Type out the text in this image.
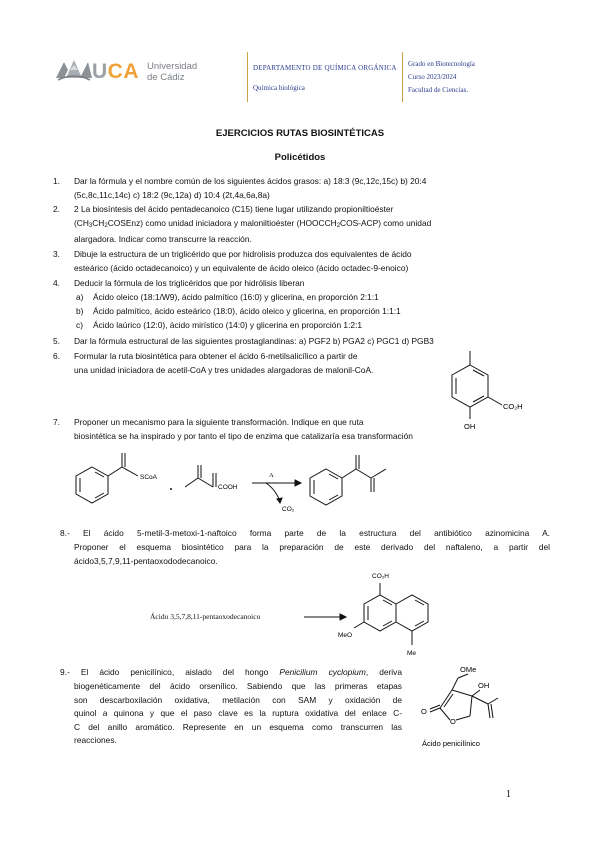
UCA Universidad
de Cádiz
DEPARTAMENTO DE QUÍMICA ORGÁNICA
Química biológica
Grado en Biotecnología
Curso 2023/2024
Facultad de Ciencias.
EJERCICIOS RUTAS BIOSINTÉTICAS
Policétidos
1. Dar la fórmula y el nombre común de los siguientes ácidos grasos: a) 18:3 (9c,12c,15c) b) 20:4
(5c,8c,11c,14c) c) 18:2 (9c,12a) d) 10:4 (2t,4a,6a,8a)
2. 2 La biosíntesis del ácido pentadecanoico (C15) tiene lugar utilizando propioniltioéster
(CH3CH2COSEnz) como unidad iniciadora y maloniltioéster (HOOCCH2COS-ACP) como unidad
alargadora. Indicar como transcurre la reacción.
3. Dibuje la estructura de un triglicérido que por hidrolisis produzca dos equivalentes de ácido
esteárico (ácido octadecanoico) y un equivalente de ácido oleico (ácido octadec-9-enoico)
4. Deducir la fórmula de los triglicéridos que por hidrólisis liberan
a) Ácido oleico (18:1/W9), ácido palmítico (16:0) y glicerina, en proporción 2:1:1
b) Ácido palmítico, ácido esteárico (18:0), ácido oleico y glicerina, en proporción 1:1:1
c) Ácido laúrico (12:0), ácido mirístico (14:0) y glicerina en proporción 1:2:1
5. Dar la fórmula estructural de las siguientes prostaglandinas: a) PGF2 b) PGA2 c) PGC1 d) PGB3
6. Formular la ruta biosintética para obtener el ácido 6-metilsalicílico a partir de
una unidad iniciadora de acetil-CoA y tres unidades alargadoras de malonil-CoA.
CO₂H
OH
7. Proponer un mecanismo para la siguiente transformación. Indique en que ruta
biosintética se ha inspirado y por tanto el tipo de enzima que catalizaría esa transformación
SCoA
COOH
A
CO₂
8.- El ácido 5-metil-3-metoxi-1-naftoico forma parte de la estructura del antibiótico azinomicina A.
Proponer el esquema biosintético para la preparación de este derivado del naftaleno, a partir del
ácido3,5,7,9,11-pentaoxododecanoico.
Ácido 3,5,7,8,11-pentaoxodecanoico
CO₂H
MeO
Me
9.- El ácido penicilínico, aislado del hongo Penicilium cyclopium, deriva
biogenéticamente del ácido orsenílico. Sabiendo que las primeras etapas
son descarboxilación oxidativa, metilación con SAM y oxidación de
quinol a quinona y que el paso clave es la ruptura oxidativa del enlace C-
C del anillo aromático. Represente en un esquema como transcurren las
reacciones.
OMe
OH
O
O
Ácido penicilínico
1
